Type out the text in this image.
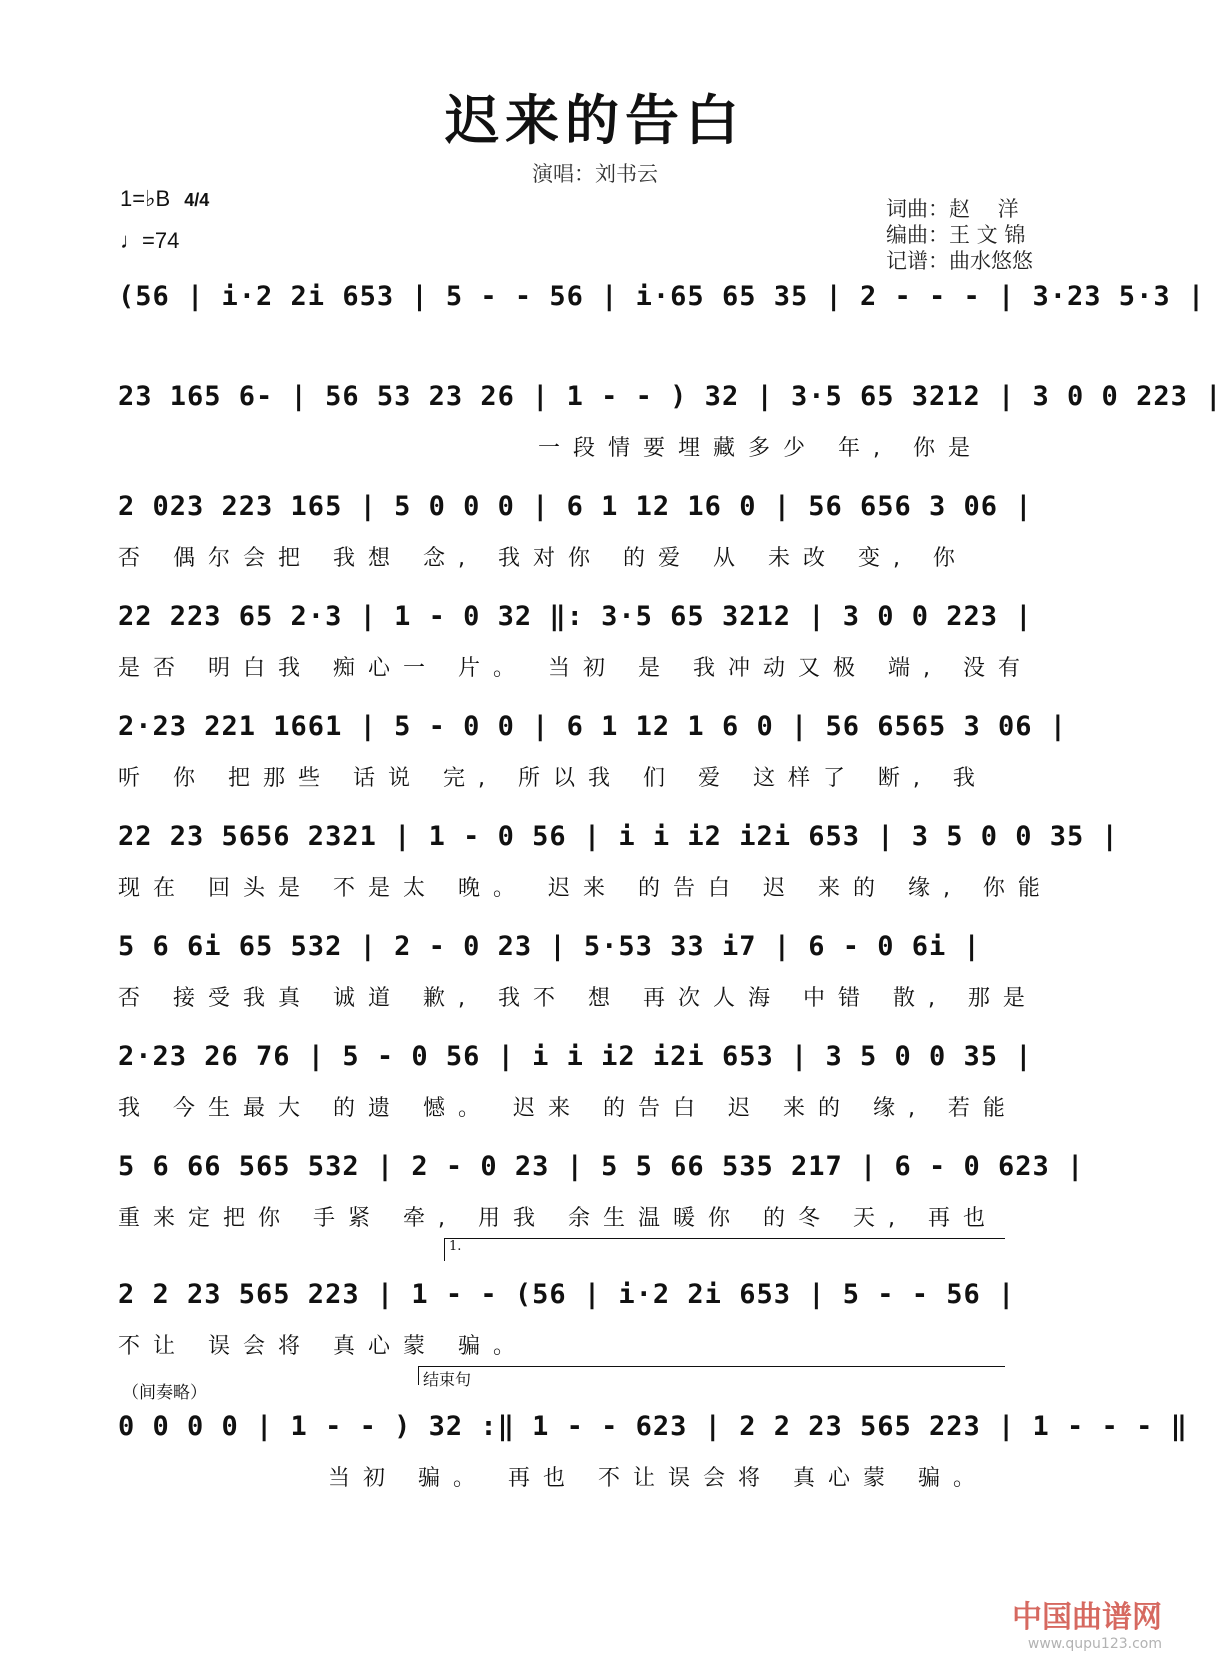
迟来的告白
演唱：刘书云
1=♭B 4/4
♩=74
词曲：赵　 洋
编曲：王 文 锦
记谱：曲水悠悠
(56 | i·2 2i 653 | 5 - - 56 | i·65 65 35 | 2 - - - | 3·23 5·3 |
23 165 6- | 56 53 23 26 | 1 - - ) 32 | 3·5 65 3212 | 3 0 0 223 |
一段情要埋藏多少 年, 你是
2 023 223 165 | 5 0 0 0 | 6 1 12 16 0 | 56 656 3 06 |
否 偶尔会把 我想 念, 我对你 的爱 从 未改 变, 你
22 223 65 2·3 | 1 - 0 32 ‖: 3·5 65 3212 | 3 0 0 223 |
是否 明白我 痴心一 片。 当初 是 我冲动又极 端, 没有
2·23 221 1661 | 5 - 0 0 | 6 1 12 1 6 0 | 56 6565 3 06 |
听 你 把那些 话说 完, 所以我 们 爱 这样了 断, 我
22 23 5656 2321 | 1 - 0 56 | i i i2 i2i 653 | 3 5 0 0 35 |
现在 回头是 不是太 晚。 迟来 的告白 迟 来的 缘, 你能
5 6 6i 65 532 | 2 - 0 23 | 5·53 33 i7 | 6 - 0 6i |
否 接受我真 诚道 歉, 我不 想 再次人海 中错 散, 那是
2·23 26 76 | 5 - 0 56 | i i i2 i2i 653 | 3 5 0 0 35 |
我 今生最大 的遗 憾。 迟来 的告白 迟 来的 缘, 若能
5 6 66 565 532 | 2 - 0 23 | 5 5 66 535 217 | 6 - 0 623 |
重来定把你 手紧 牵, 用我 余生温暖你 的冬 天, 再也
2 2 23 565 223 | 1 - - (56 | i·2 2i 653 | 5 - - 56 |
不让 误会将 真心蒙 骗。
0 0 0 0 | 1 - - ) 32 :‖ 1 - - 623 | 2 2 23 565 223 | 1 - - - ‖
当初 骗。 再也 不让误会将 真心蒙 骗。
1.
（间奏略）
结束句
中国曲谱网
www.qupu123.com
